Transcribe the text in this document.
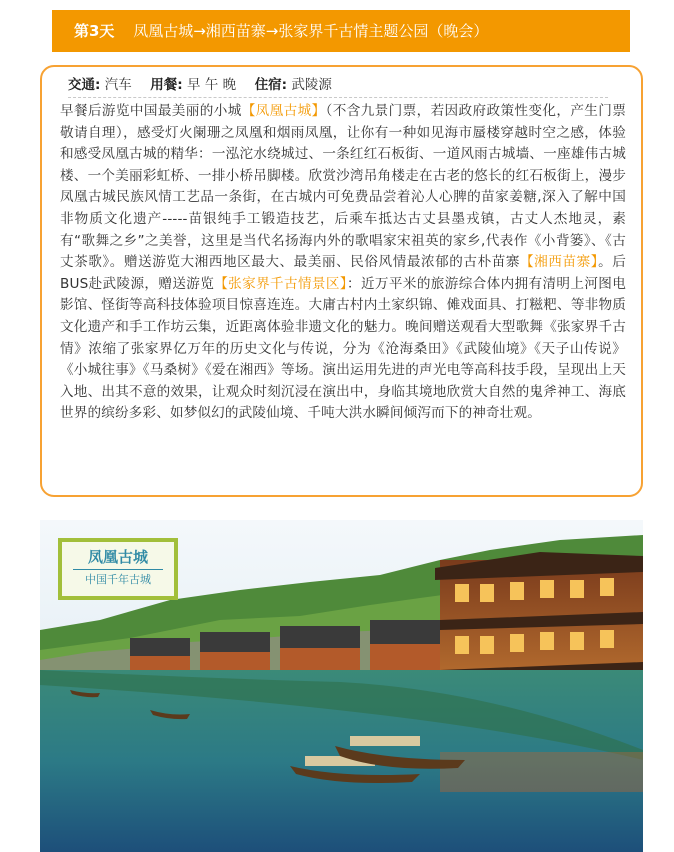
第3天 凤凰古城→湘西苗寨→张家界千古情主题公园（晚会）
交通: 汽车 用餐: 早 午 晚 住宿: 武陵源
早餐后游览中国最美丽的小城【凤凰古城】（不含九景门票，若因政府政策性变化，产生门票敬请自理），感受灯火阑珊之凤凰和烟雨凤凰，让你有一种如见海市蜃楼穿越时空之感，体验和感受凤凰古城的精华：一泓沱水绕城过、一条红红石板街、一道风雨古城墙、一座雄伟古城楼、一个美丽彩虹桥、一排小桥吊脚楼。欣赏沙湾吊角楼走在古老的悠长的红石板街上，漫步凤凰古城民族风情工艺品一条街，在古城内可免费品尝着沁人心脾的苗家姜糖,深入了解中国非物质文化遗产-----苗银纯手工锻造技艺，后乘车抵达古丈县墨戎镇，古丈人杰地灵，素有“歌舞之乡”之美誉，这里是当代名扬海内外的歌唱家宋祖英的家乡,代表作《小背篓》、《古丈茶歌》。赠送游览大湘西地区最大、最美丽、民俗风情最浓郁的古朴苗寨【湘西苗寨】。后BUS赴武陵源，赠送游览【张家界千古情景区】：近万平米的旅游综合体内拥有清明上河图电影馆、怪街等高科技体验项目惊喜连连。大庸古村内土家织锦、傩戏面具、打糍粑、等非物质文化遗产和手工作坊云集，近距离体验非遗文化的魅力。晚间赠送观看大型歌舞《张家界千古情》浓缩了张家界亿万年的历史文化与传说，分为《沧海桑田》《武陵仙境》《天子山传说》《小城往事》《马桑树》《爱在湘西》等场。演出运用先进的声光电等高科技手段，呈现出上天入地、出其不意的效果，让观众时刻沉浸在演出中，身临其境地欣赏大自然的鬼斧神工、海底世界的缤纷多彩、如梦似幻的武陵仙境、千吨大洪水瞬间倾泻而下的神奇壮观。
凤凰古城
中国千年古城
